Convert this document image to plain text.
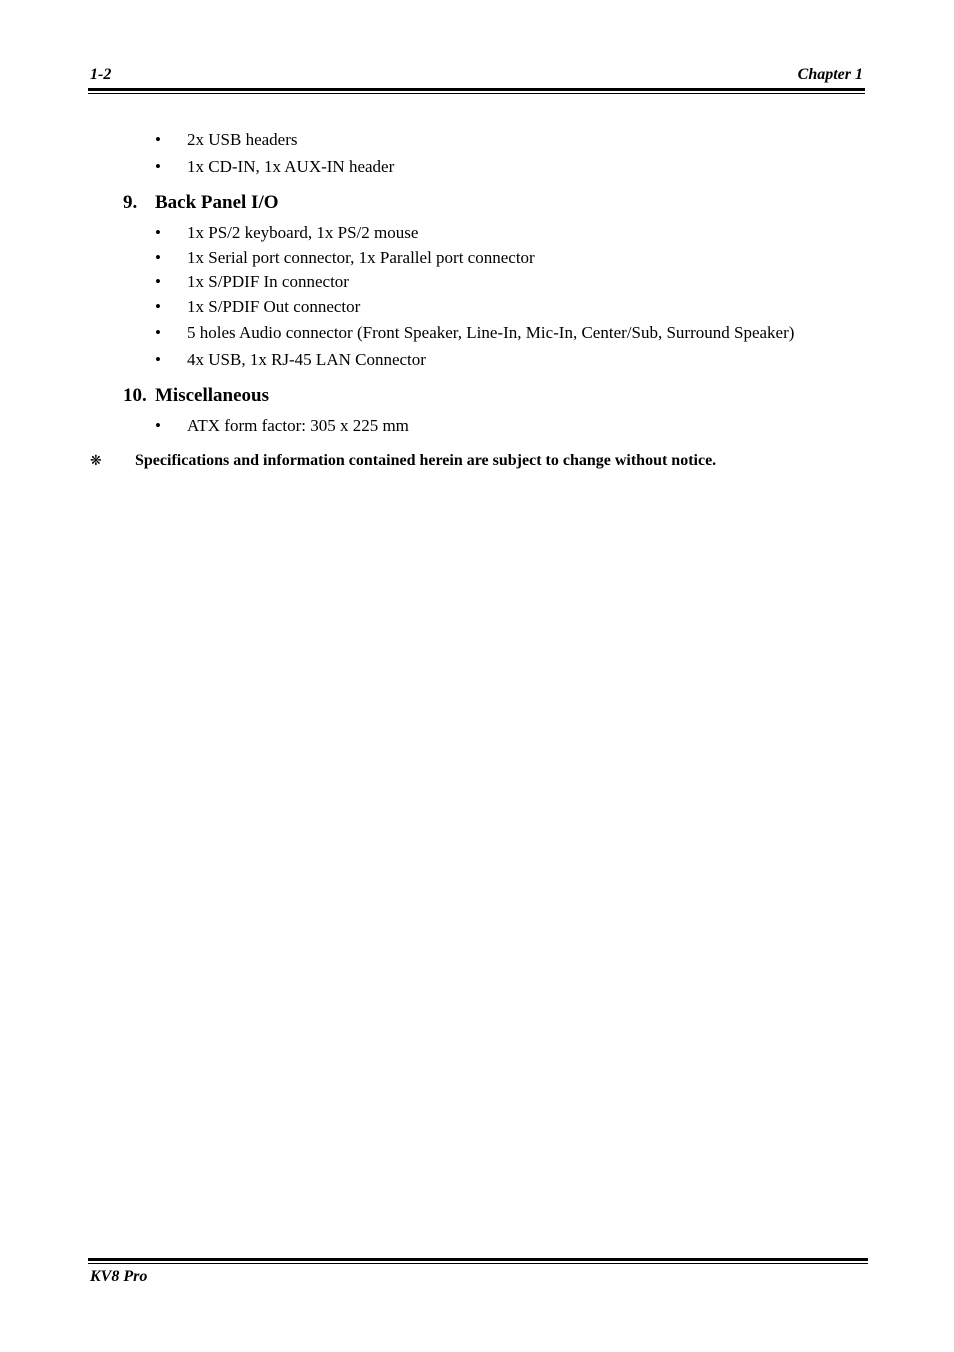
1-2	Chapter 1
• 2x USB headers
• 1x CD-IN, 1x AUX-IN header
9. Back Panel I/O
• 1x PS/2 keyboard, 1x PS/2 mouse
• 1x Serial port connector, 1x Parallel port connector
• 1x S/PDIF In connector
• 1x S/PDIF Out connector
• 5 holes Audio connector (Front Speaker, Line-In, Mic-In, Center/Sub, Surround Speaker)
• 4x USB, 1x RJ-45 LAN Connector
10. Miscellaneous
• ATX form factor: 305 x 225 mm
❋ Specifications and information contained herein are subject to change without notice.
KV8 Pro
